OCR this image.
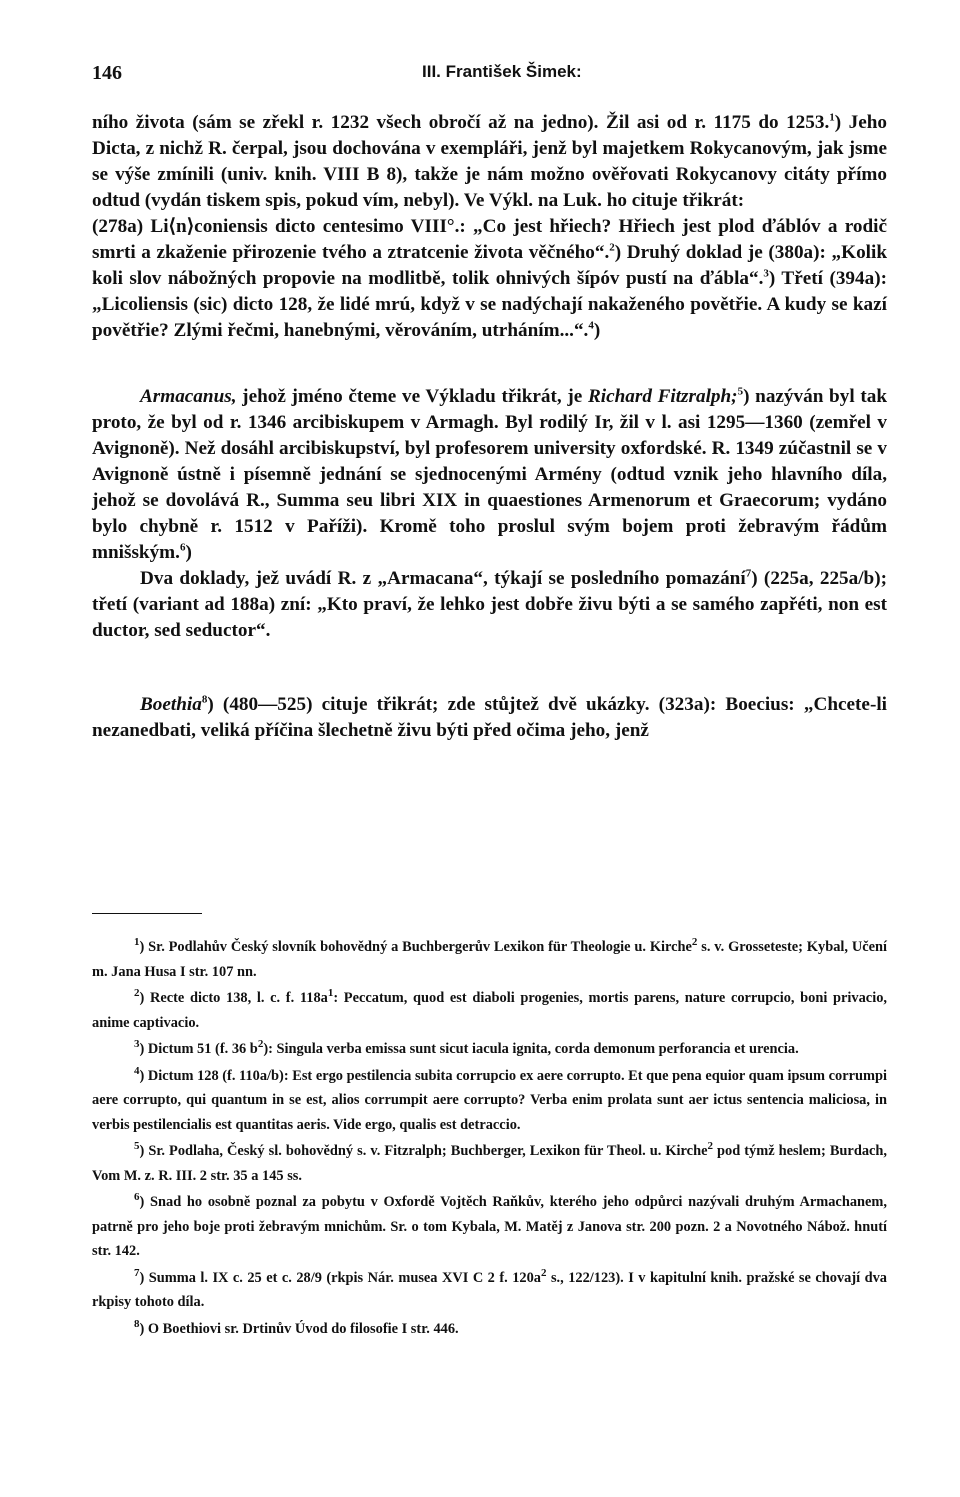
146	III. František Šimek:

ního života (sám se zřekl r. 1232 všech obročí až na jedno). Žil asi od r. 1175 do 1253.$^1$) Jeho Dicta, z nichž R. čerpal, jsou dochována v exempláři, jenž byl majetkem Rokycanovým, jak jsme se výše zmínili (univ. knih. VIII B 8), takže je nám možno ověřovati Rokycanovy citáty přímo odtud (vydán tiskem spis, pokud vím, nebyl). Ve Výkl. na Luk. ho cituje třikrát:

(278a) Li⟨n⟩coniensis dicto centesimo VIII°.: „Co jest hřiech? Hřiech jest plod ďáblóv a rodič smrti a zkaženie přirozenie tvého a ztratcenie života věčného“.$^2$) Druhý doklad je (380a): „Kolik koli slov nábožných propovie na modlitbě, tolik ohnivých šípóv pustí na ďábla“.$^3$) Třetí (394a): „Licoliensis (sic) dicto 128, že lidé mrú, když v se nadýchají nakaženého povětřie. A kudy se kazí povětřie? Zlými řečmi, hanebnými, věrováním, utrháním...“.$^4$)

Armacanus, jehož jméno čteme ve Výkladu třikrát, je Richard Fitzralph;$^5$) nazýván byl tak proto, že byl od r. 1346 arcibiskupem v Armagh. Byl rodilý Ir, žil v l. asi 1295—1360 (zemřel v Avignoně). Než dosáhl arcibiskupství, byl profesorem university oxfordské. R. 1349 zúčastnil se v Avignoně ústně i písemně jednání se sjednocenými Armény (odtud vznik jeho hlavního díla, jehož se dovolává R., Summa seu libri XIX in quaestiones Armenorum et Graecorum; vydáno bylo chybně r. 1512 v Paříži). Kromě toho proslul svým bojem proti žebravým řádům mnišským.$^6$)

Dva doklady, jež uvádí R. z „Armacana“, týkají se posledního pomazání$^7$) (225a, 225a/b); třetí (variant ad 188a) zní: „Kto praví, že lehko jest dobře živu býti a se samého zapřéti, non est ductor, sed seductor“.

Boethia$^8$) (480—525) cituje třikrát; zde stůjtež dvě ukázky. (323a): Boecius: „Chcete-li nezanedbati, veliká příčina šlechetně živu býti před očima jeho, jenž

$^1$) Sr. Podlahův Český slovník bohovědný a Buchbergerův Lexikon für Theologie u. Kirche$^2$ s. v. Grosseteste; Kybal, Učení m. Jana Husa I str. 107 nn.

$^2$) Recte dicto 138, l. c. f. $118a^1$: Peccatum, quod est diaboli progenies, mortis parens, nature corrupcio, boni privacio, anime captivacio.

$^3$) Dictum 51 (f. 36 $b^2$): Singula verba emissa sunt sicut iacula ignita, corda demonum perforancia et urencia.

$^4$) Dictum 128 (f. 110a/b): Est ergo pestilencia subita corrupcio ex aere corrupto. Et que pena equior quam ipsum corrumpi aere corrupto, qui quantum in se est, alios corrumpit aere corrupto? Verba enim prolata sunt aer ictus sentencia maliciosa, in verbis pestilencialis est quantitas aeris. Vide ergo, qualis est detraccio.

$^5$) Sr. Podlaha, Český sl. bohovědný s. v. Fitzralph; Buchberger, Lexikon für Theol. u. Kirche$^2$ pod týmž heslem; Burdach, Vom M. z. R. III. 2 str. 35 a 145 ss.

$^6$) Snad ho osobně poznal za pobytu v Oxfordě Vojtěch Raňkův, kterého jeho odpůrci nazývali druhým Armachanem, patrně pro jeho boje proti žebravým mnichům. Sr. o tom Kybala, M. Matěj z Janova str. 200 pozn. 2 a Novotného Nábož. hnutí str. 142.

$^7$) Summa l. IX c. 25 et c. 28/9 (rkpis Nár. musea XVI C 2 f. $120a^2$ s., 122/123). I v kapitulní knih. pražské se chovají dva rkpisy tohoto díla.

$^8$) O Boethiovi sr. Drtinův Úvod do filosofie I str. 446.
